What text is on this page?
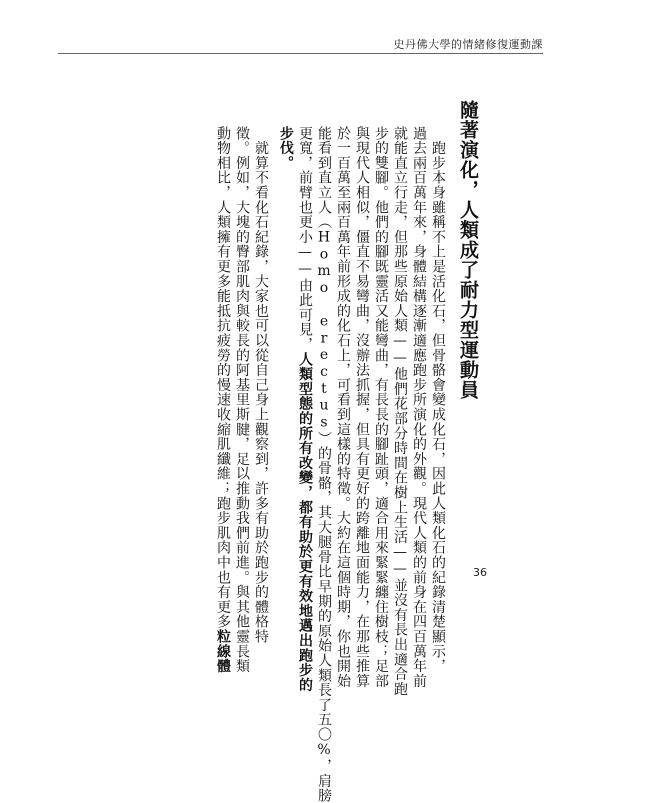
史丹佛大學的情緒修復運動課
隨著演化，人類成了耐力型運動員
　跑步本身雖稱不上是活化石，但骨骼會變成化石，因此人類化石的紀錄清楚顯示，
過去兩百萬年來，身體結構逐漸適應跑步所演化的外觀。現代人類的前身在四百萬年前
就能直立行走，但那些原始人類——他們花部分時間在樹上生活——並沒有長出適合跑
步的雙腳。他們的腳既靈活又能彎曲，有長長的腳趾頭，適合用來緊緊纏住樹枝；足部
與現代人相似，僵直不易彎曲，沒辦法抓握，但具有更好的跨離地面能力，在那些推算
於一百萬至兩百萬年前形成的化石上，可看到這樣的特徵。大約在這個時期，你也開始
能看到直立人（Homo erectus）的骨骼，其大腿骨比早期的原始人類長了五〇%，肩膀
更寬，前臂也更小——由此可見，人類型態的所有改變，都有助於更有效地邁出跑步的
步伐。
　就算不看化石紀錄，大家也可以從自己身上觀察到，許多有助於跑步的體格特
徵。例如，大塊的臀部肌肉與較長的阿基里斯腱，足以推動我們前進。與其他靈長類
動物相比，人類擁有更多能抵抗疲勞的慢速收縮肌纖維；跑步肌肉中也有更多粒線體
36
